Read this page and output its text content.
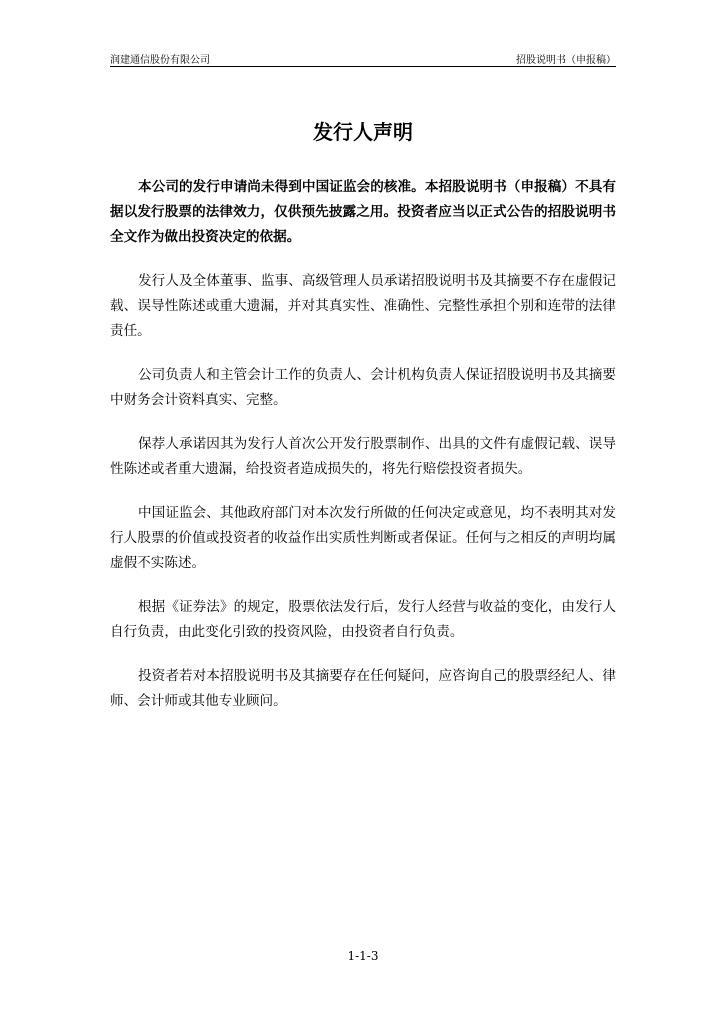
润建通信股份有限公司	招股说明书（申报稿）
发行人声明

本公司的发行申请尚未得到中国证监会的核准。本招股说明书（申报稿）不具有据以发行股票的法律效力，仅供预先披露之用。投资者应当以正式公告的招股说明书全文作为做出投资决定的依据。

发行人及全体董事、监事、高级管理人员承诺招股说明书及其摘要不存在虚假记载、误导性陈述或重大遗漏，并对其真实性、准确性、完整性承担个别和连带的法律责任。

公司负责人和主管会计工作的负责人、会计机构负责人保证招股说明书及其摘要中财务会计资料真实、完整。

保荐人承诺因其为发行人首次公开发行股票制作、出具的文件有虚假记载、误导性陈述或者重大遗漏，给投资者造成损失的，将先行赔偿投资者损失。

中国证监会、其他政府部门对本次发行所做的任何决定或意见，均不表明其对发行人股票的价值或投资者的收益作出实质性判断或者保证。任何与之相反的声明均属虚假不实陈述。

根据《证券法》的规定，股票依法发行后，发行人经营与收益的变化，由发行人自行负责，由此变化引致的投资风险，由投资者自行负责。

投资者若对本招股说明书及其摘要存在任何疑问，应咨询自己的股票经纪人、律师、会计师或其他专业顾问。

1-1-3
